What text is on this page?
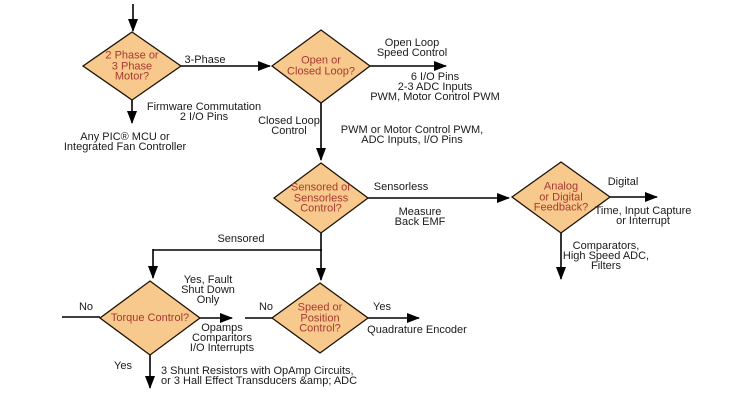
2 Phase or
3 Phase
Motor?
Open or
Closed Loop?
Sensored or
Sensorless
Control?
Analog
or Digital
Feedback?
Torque Control?
Speed or
Position
Control?
3-Phase
Firmware Commutation
2 I/O Pins
Any PIC® MCU or
Integrated Fan Controller
Open Loop
Speed Control
6 I/O Pins
2-3 ADC Inputs
PWM, Motor Control PWM
Closed Loop
Control	PWM or Motor Control PWM,
ADC Inputs, I/O Pins
Sensorless
Measure
Back EMF
Sensored
Digital
Time, Input Capture
or Interrupt
Comparators,
High Speed ADC,
Filters
No
Yes, Fault
Shut Down
Only
Opamps
Comparitors
I/O Interrupts
Yes	3 Shunt Resistors with OpAmp Circuits,
or 3 Hall Effect Transducers &amp; ADC
No	Yes
Quadrature Encoder
